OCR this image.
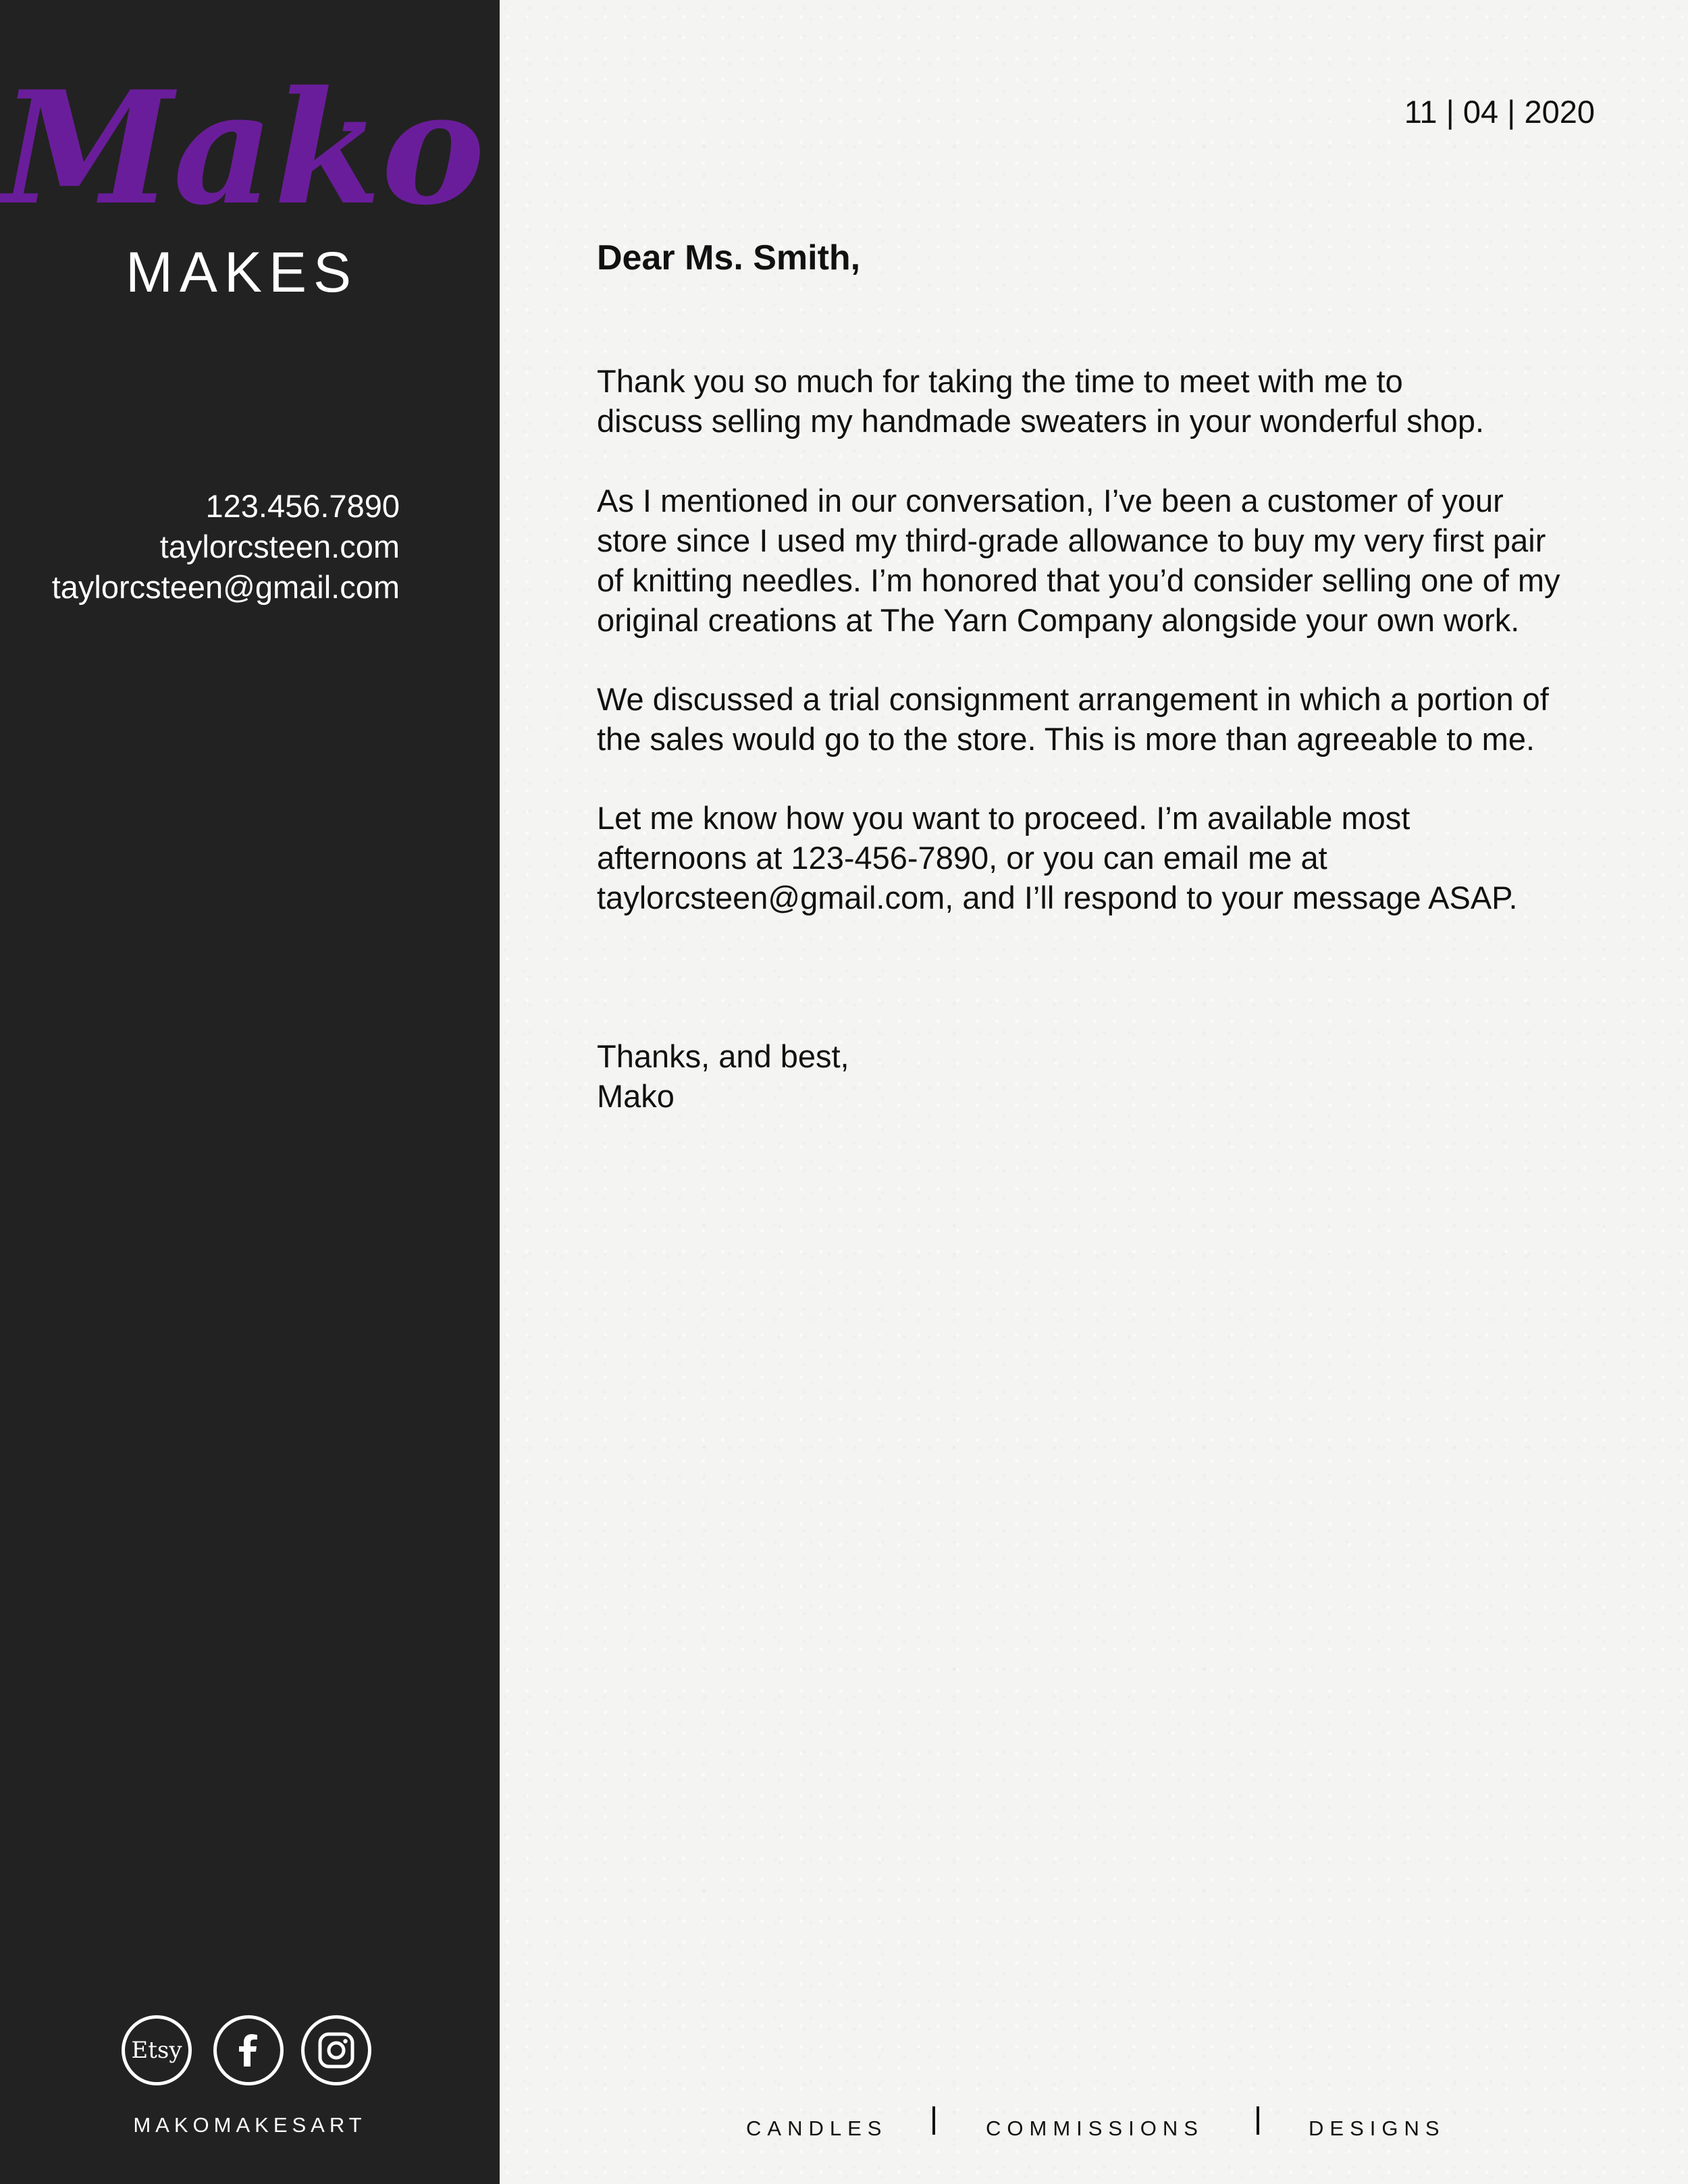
Mako
MAKES
123.456.7890
taylorcsteen.com
taylorcsteen@gmail.com
Etsy
MAKOMAKESART
11 | 04 | 2020
Dear Ms. Smith,
Thank you so much for taking the time to meet with me to
discuss selling my handmade sweaters in your wonderful shop.
As I mentioned in our conversation, I’ve been a customer of your
store since I used my third-grade allowance to buy my very first pair
of knitting needles. I’m honored that you’d consider selling one of my
original creations at The Yarn Company alongside your own work.
We discussed a trial consignment arrangement in which a portion of
the sales would go to the store. This is more than agreeable to me.
Let me know how you want to proceed. I’m available most
afternoons at 123-456-7890, or you can email me at
taylorcsteen@gmail.com, and I’ll respond to your message ASAP.
Thanks, and best,
Mako
CANDLES	COMMISSIONS	DESIGNS
